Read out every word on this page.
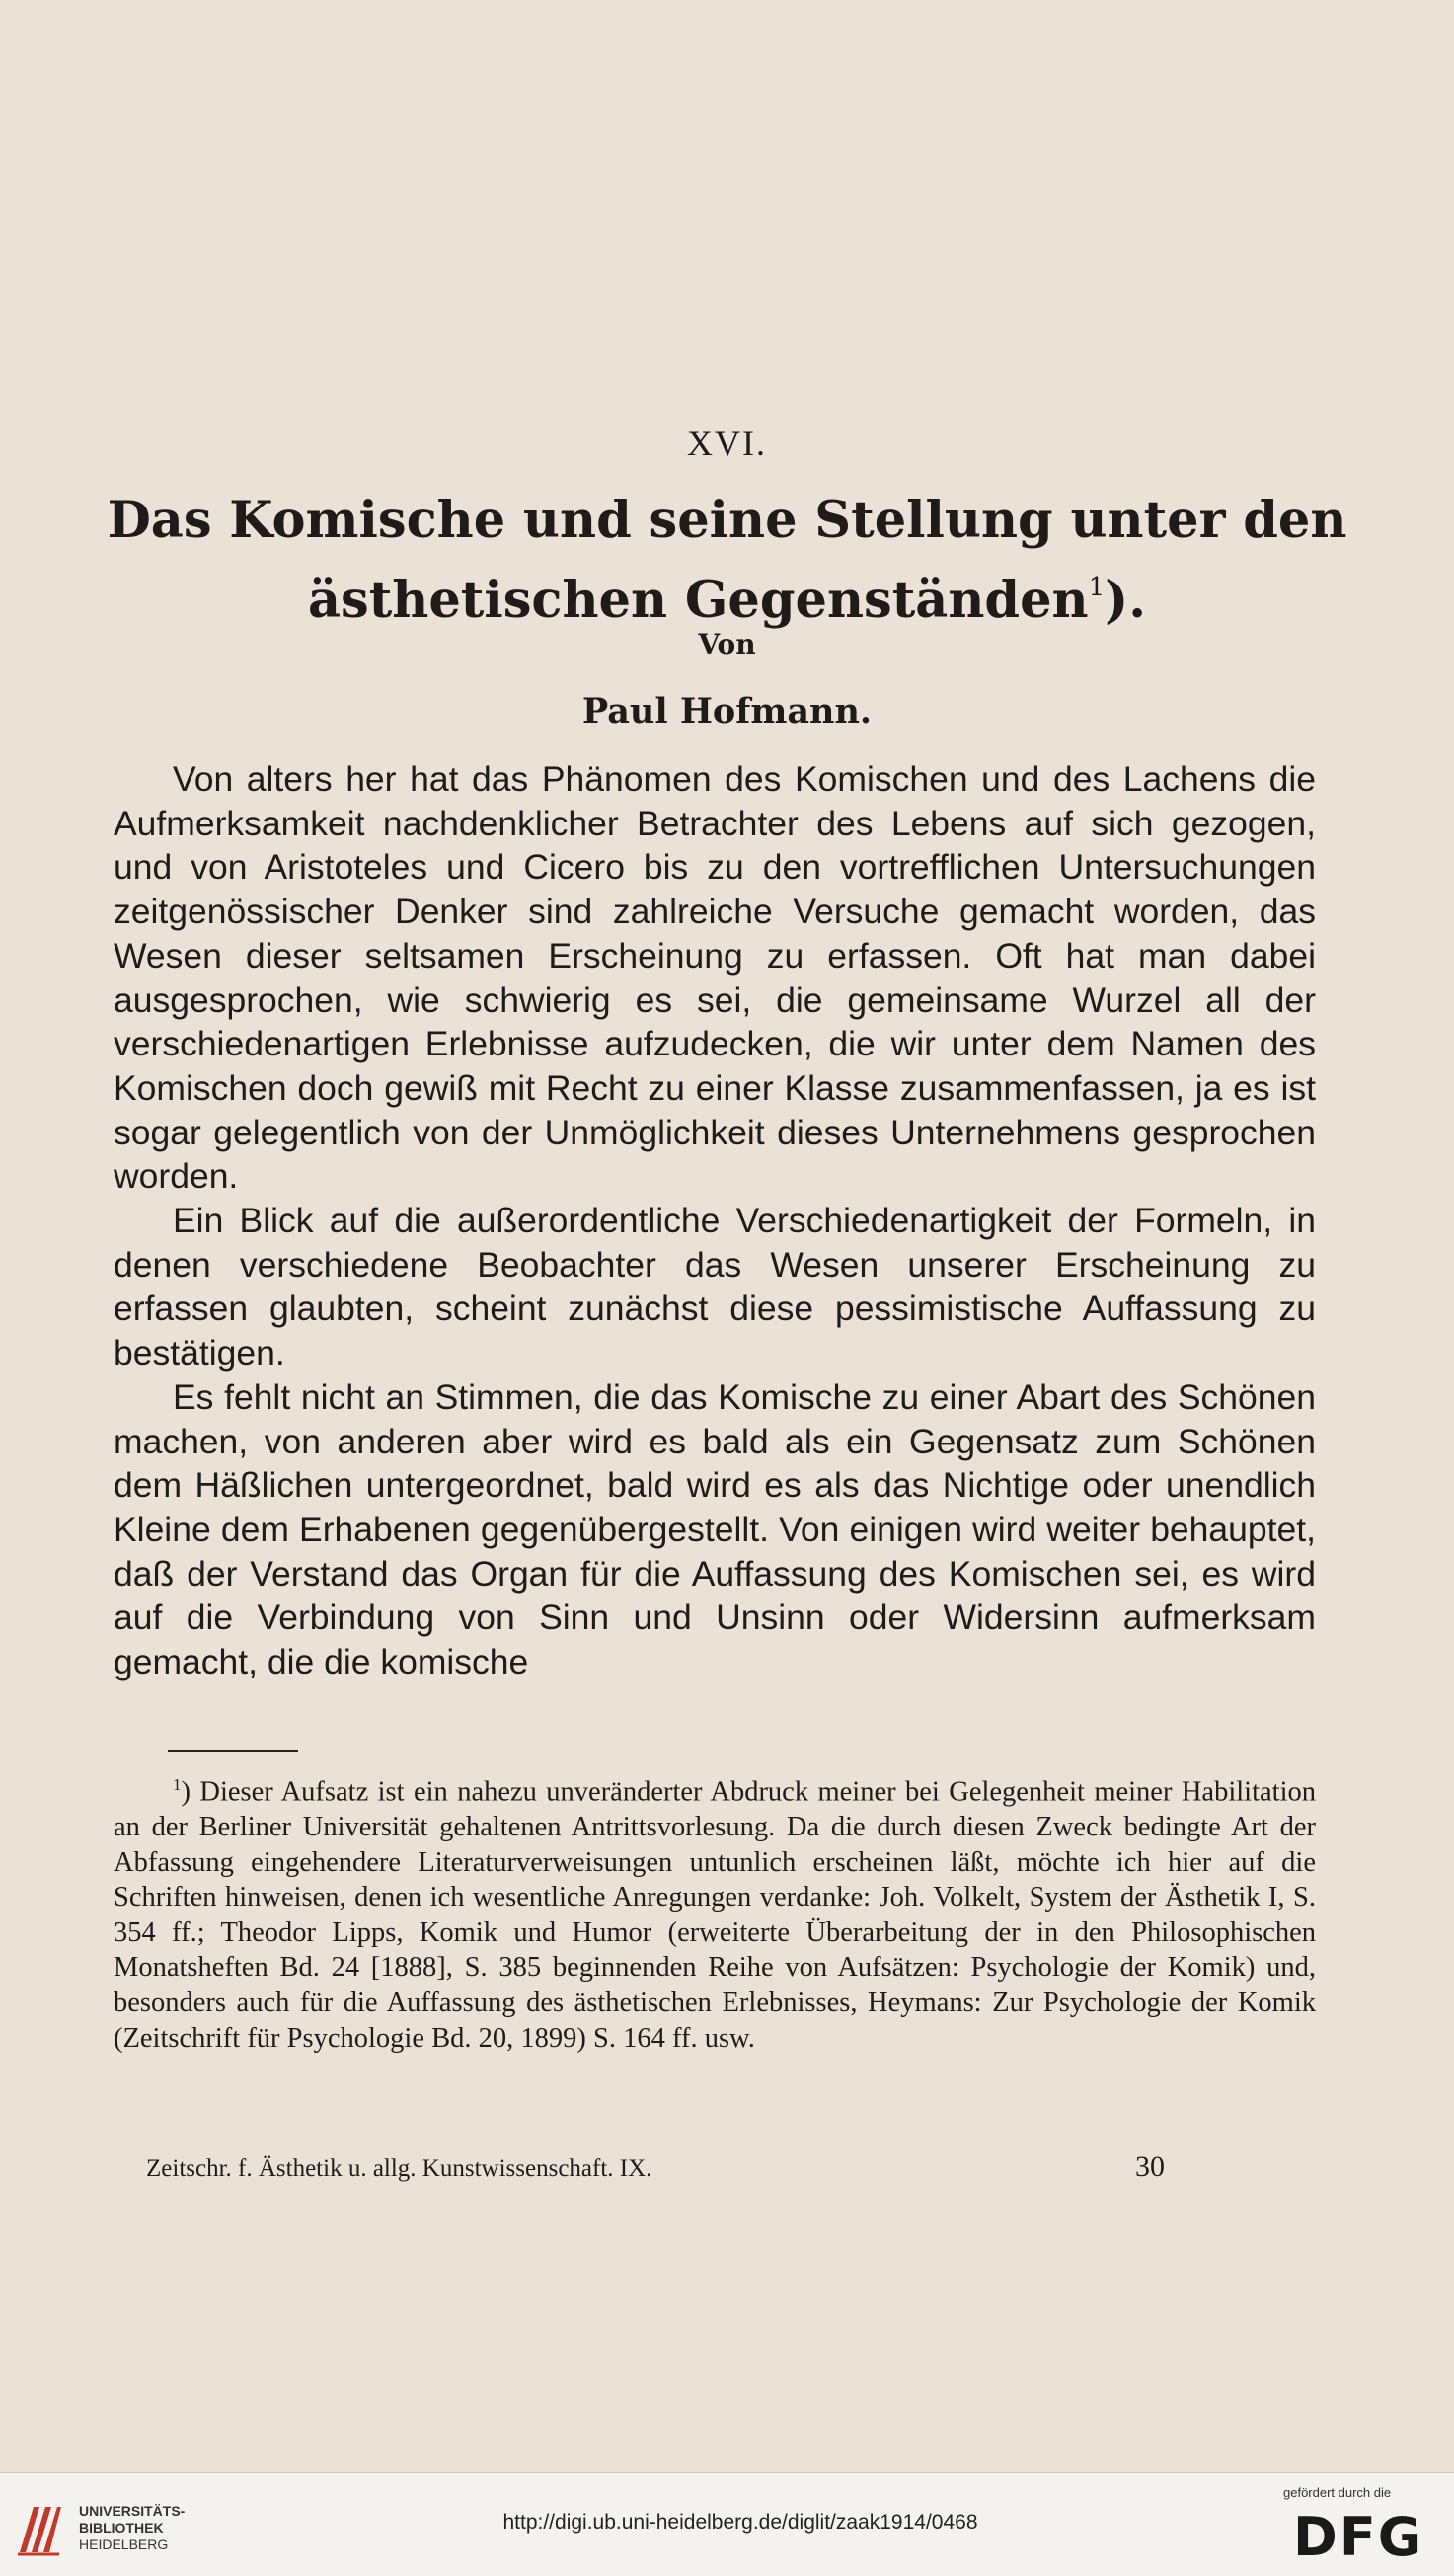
XVI.
Das Komische und seine Stellung unter den
ästhetischen Gegenständen$^1$).
Von
Paul Hofmann.

Von alters her hat das Phänomen des Komischen und des Lachens die Aufmerksamkeit nachdenklicher Betrachter des Lebens auf sich gezogen, und von Aristoteles und Cicero bis zu den vortrefflichen Untersuchungen zeitgenössischer Denker sind zahlreiche Versuche gemacht worden, das Wesen dieser seltsamen Erscheinung zu erfassen. Oft hat man dabei ausgesprochen, wie schwierig es sei, die gemeinsame Wurzel all der verschiedenartigen Erlebnisse aufzudecken, die wir unter dem Namen des Komischen doch gewiß mit Recht zu einer Klasse zusammenfassen, ja es ist sogar gelegentlich von der Unmöglichkeit dieses Unternehmens gesprochen worden.

Ein Blick auf die außerordentliche Verschiedenartigkeit der Formeln, in denen verschiedene Beobachter das Wesen unserer Erscheinung zu erfassen glaubten, scheint zunächst diese pessimistische Auffassung zu bestätigen.

Es fehlt nicht an Stimmen, die das Komische zu einer Abart des Schönen machen, von anderen aber wird es bald als ein Gegensatz zum Schönen dem Häßlichen untergeordnet, bald wird es als das Nichtige oder unendlich Kleine dem Erhabenen gegenübergestellt. Von einigen wird weiter behauptet, daß der Verstand das Organ für die Auffassung des Komischen sei, es wird auf die Verbindung von Sinn und Unsinn oder Widersinn aufmerksam gemacht, die die komische

$^1$) Dieser Aufsatz ist ein nahezu unveränderter Abdruck meiner bei Gelegenheit meiner Habilitation an der Berliner Universität gehaltenen Antrittsvorlesung. Da die durch diesen Zweck bedingte Art der Abfassung eingehendere Literaturverweisungen untunlich erscheinen läßt, möchte ich hier auf die Schriften hinweisen, denen ich wesentliche Anregungen verdanke: Joh. Volkelt, System der Ästhetik I, S. 354 ff.; Theodor Lipps, Komik und Humor (erweiterte Überarbeitung der in den Philosophischen Monatsheften Bd. 24 [1888], S. 385 beginnenden Reihe von Aufsätzen: Psychologie der Komik) und, besonders auch für die Auffassung des ästhetischen Erlebnisses, Heymans: Zur Psychologie der Komik (Zeitschrift für Psychologie Bd. 20, 1899) S. 164 ff. usw.

Zeitschr. f. Ästhetik u. allg. Kunstwissenschaft. IX.	30
UNIVERSITÄTS-
BIBLIOTHEK
HEIDELBERG
http://digi.ub.uni-heidelberg.de/diglit/zaak1914/0468
gefördert durch die
DFG
